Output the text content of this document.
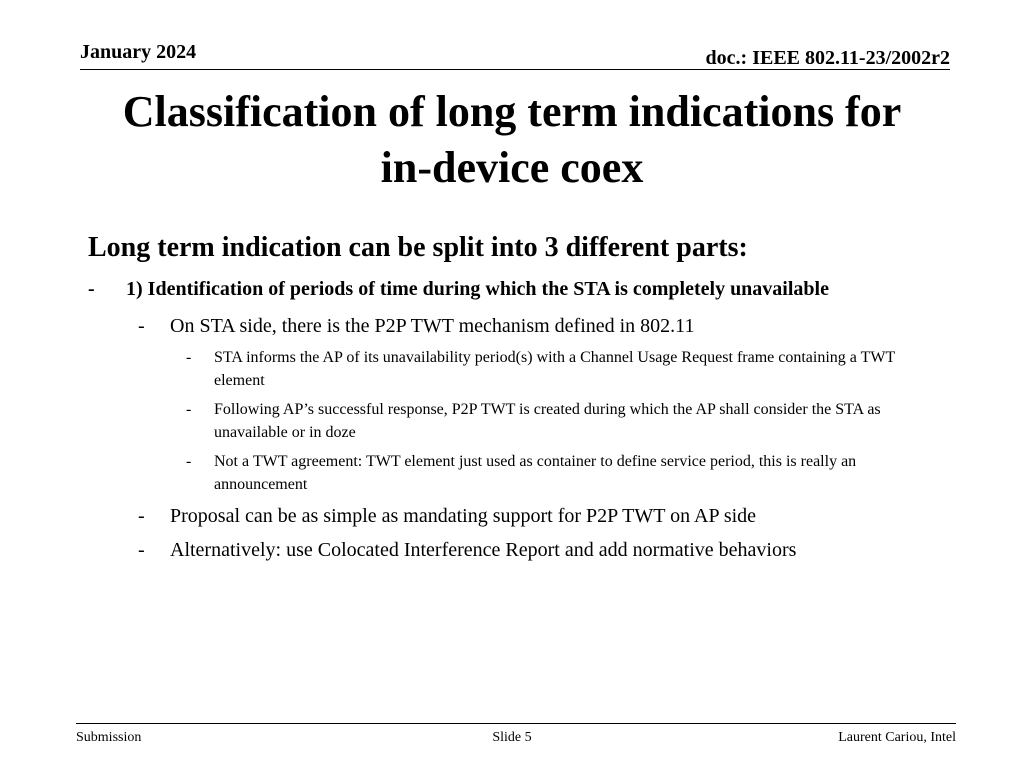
January 2024	doc.: IEEE 802.11-23/2002r2
Classification of long term indications for
in-device coex
Long term indication can be split into 3 different parts:
- 1) Identification of periods of time during which the STA is completely unavailable
- On STA side, there is the P2P TWT mechanism defined in 802.11
- STA informs the AP of its unavailability period(s) with a Channel Usage Request frame containing a TWT element
- Following AP’s successful response, P2P TWT is created during which the AP shall consider the STA as unavailable or in doze
- Not a TWT agreement: TWT element just used as container to define service period, this is really an announcement
- Proposal can be as simple as mandating support for P2P TWT on AP side
- Alternatively: use Colocated Interference Report and add normative behaviors
Submission	Slide 5	Laurent Cariou, Intel
